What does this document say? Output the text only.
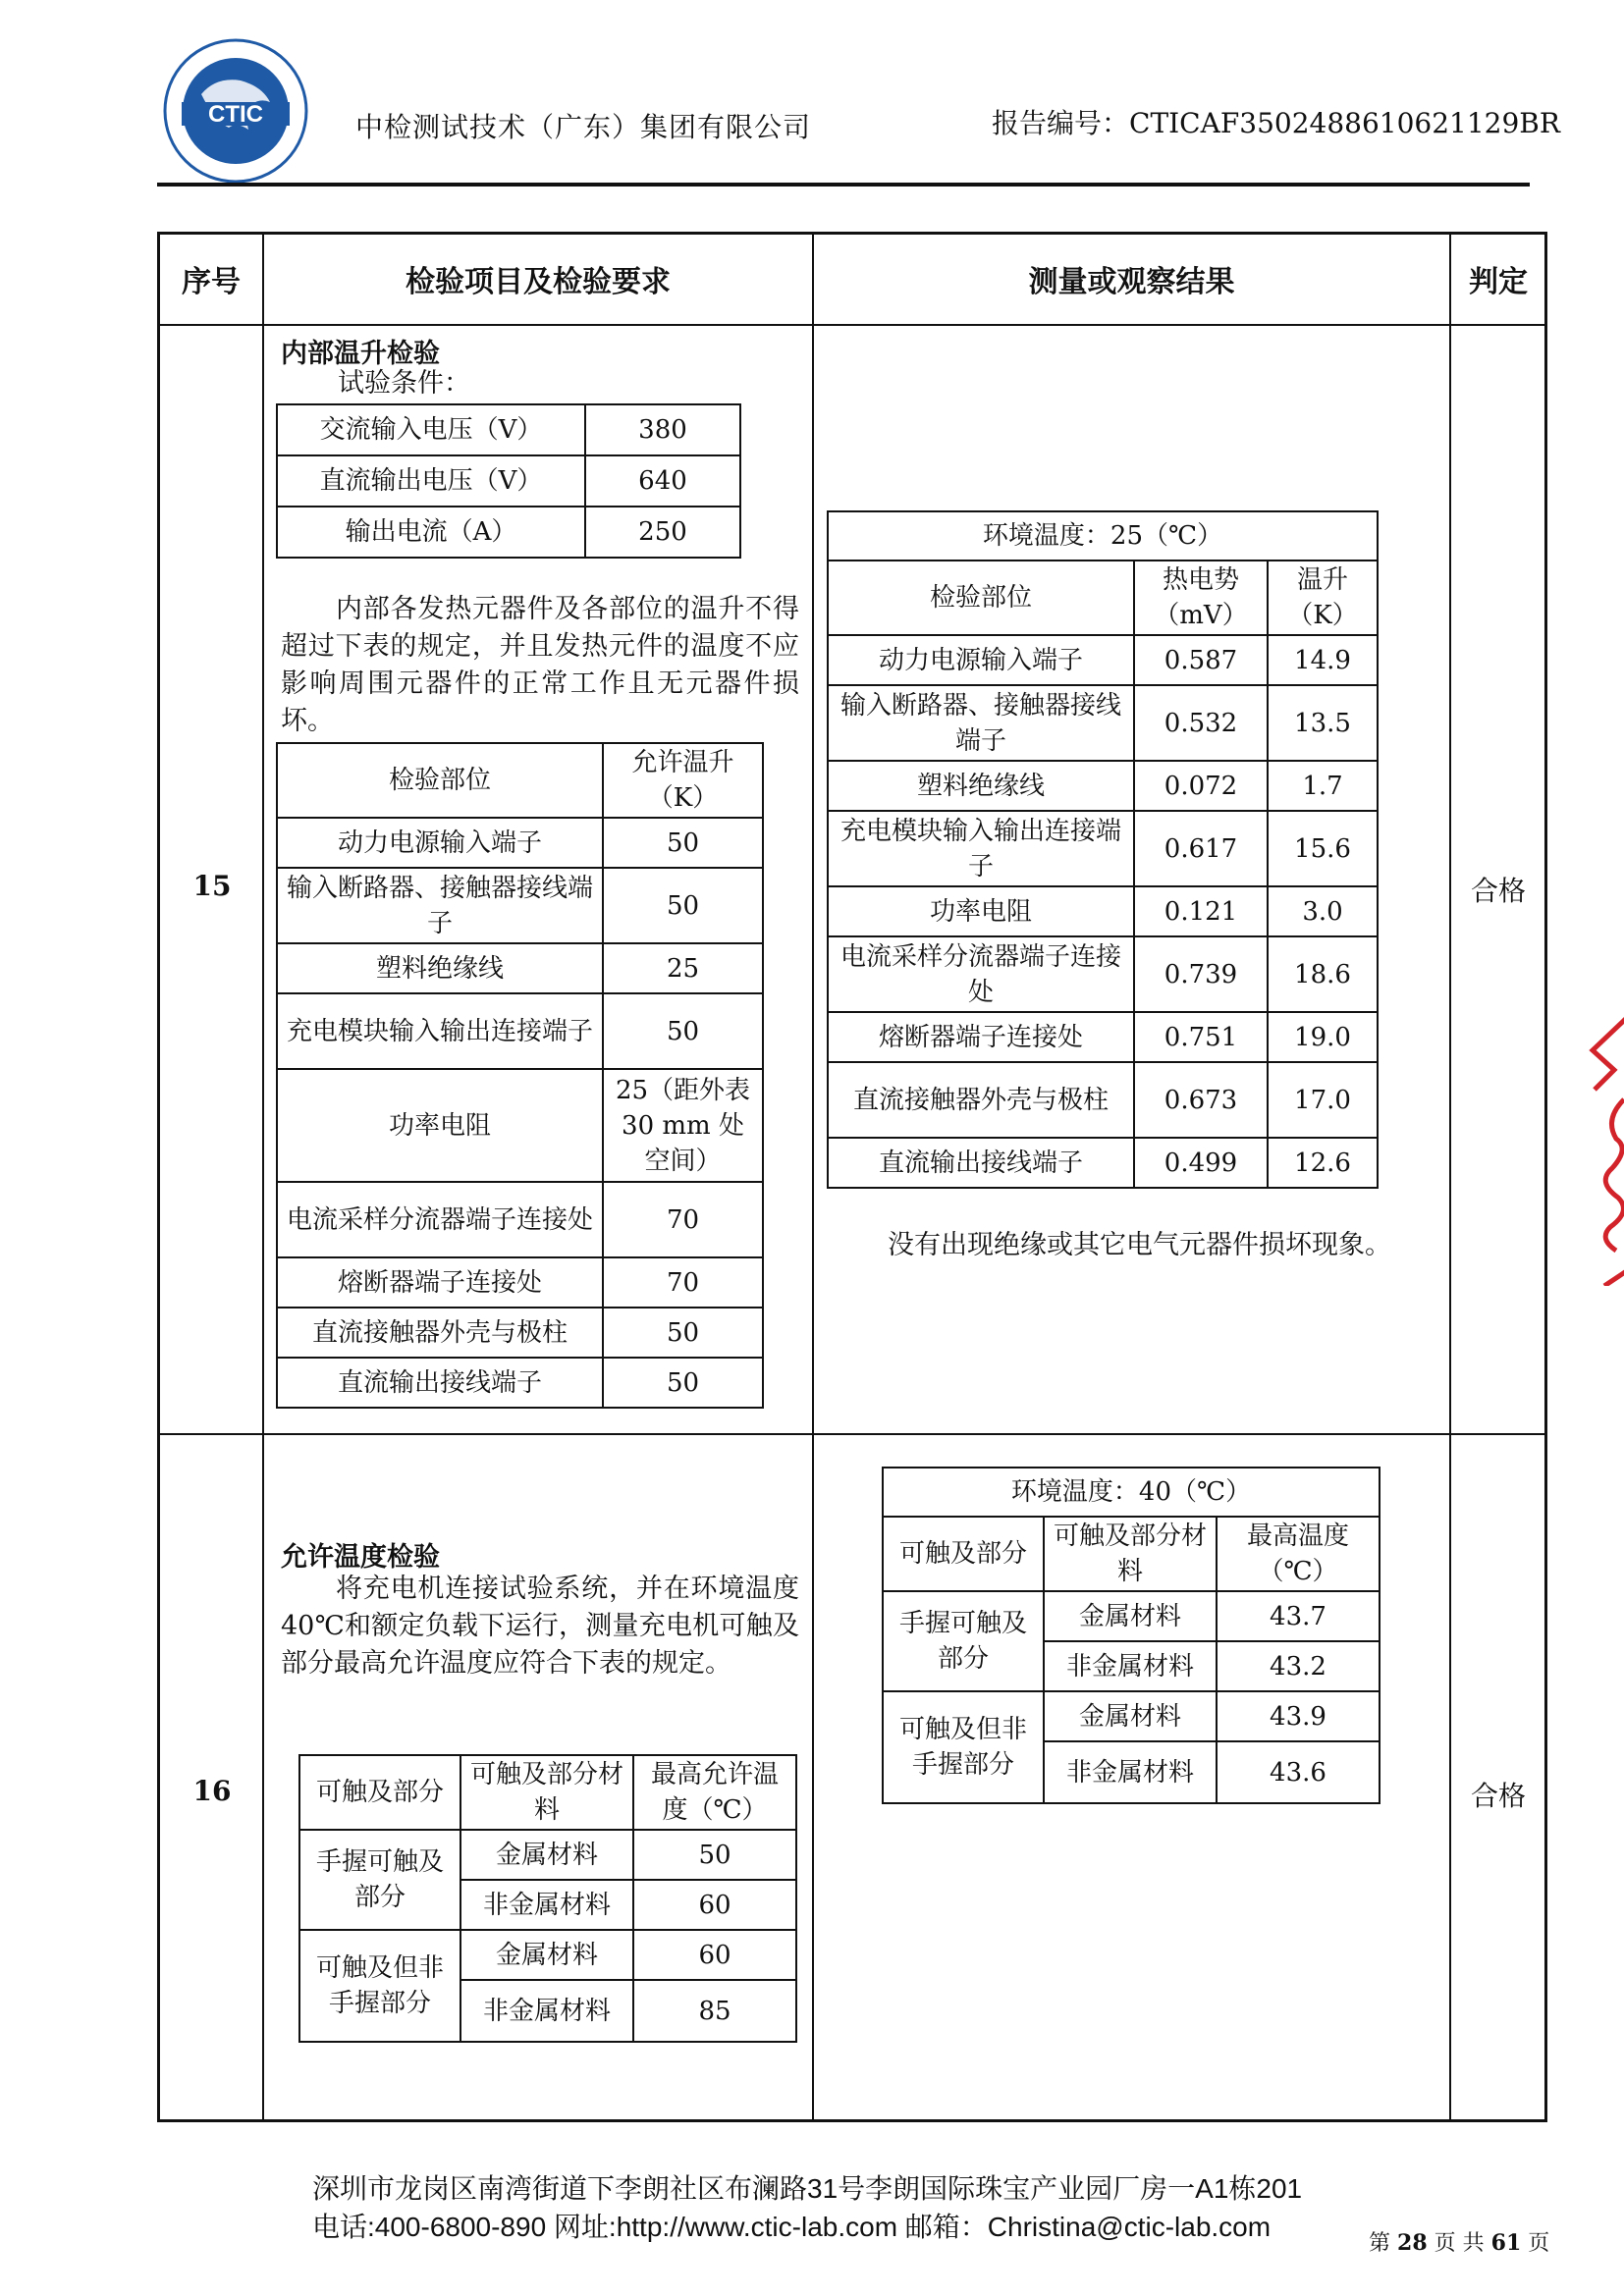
CTIC	中检测试技术（广东）集团有限公司	报告编号：CTICAF3502488610621129BR
序号	检验项目及检验要求	测量或观察结果	判定
15	合格
内部温升检验
试验条件：
交流输入电压（V）	380
直流输出电压（V）	640
输出电流（A）	250
内部各发热元器件及各部位的温升不得超过下表的规定，并且发热元件的温度不应影响周围元器件的正常工作且无元器件损坏。
检验部位	允许温升（K）
动力电源输入端子	50
输入断路器、接触器接线端子	50
塑料绝缘线	25
充电模块输入输出连接端子	50
功率电阻	25（距外表30 mm 处空间）
电流采样分流器端子连接处	70
熔断器端子连接处	70
直流接触器外壳与极柱	50
直流输出接线端子	50
环境温度：25（℃）		
检验部位	热电势（mV）	温升（K）
动力电源输入端子	0.587	14.9
输入断路器、接触器接线端子	0.532	13.5
塑料绝缘线	0.072	1.7
充电模块输入输出连接端子	0.617	15.6
功率电阻	0.121	3.0
电流采样分流器端子连接处	0.739	18.6
熔断器端子连接处	0.751	19.0
直流接触器外壳与极柱	0.673	17.0
直流输出接线端子	0.499	12.6
没有出现绝缘或其它电气元器件损坏现象。
16	合格
允许温度检验
将充电机连接试验系统，并在环境温度40℃和额定负载下运行，测量充电机可触及部分最高允许温度应符合下表的规定。
可触及部分	可触及部分材料	最高允许温度（℃）
手握可触及部分	金属材料	50
	非金属材料	60
可触及但非手握部分	金属材料	60
	非金属材料	85
环境温度：40（℃）		
可触及部分	可触及部分材料	最高温度（℃）
手握可触及部分	金属材料	43.7
	非金属材料	43.2
可触及但非手握部分	金属材料	43.9
	非金属材料	43.6
深圳市龙岗区南湾街道下李朗社区布澜路31号李朗国际珠宝产业园厂房一A1栋201
电话:400-6800-890 网址:http://www.ctic-lab.com 邮箱：Christina@ctic-lab.com
第 28 页 共 61 页
